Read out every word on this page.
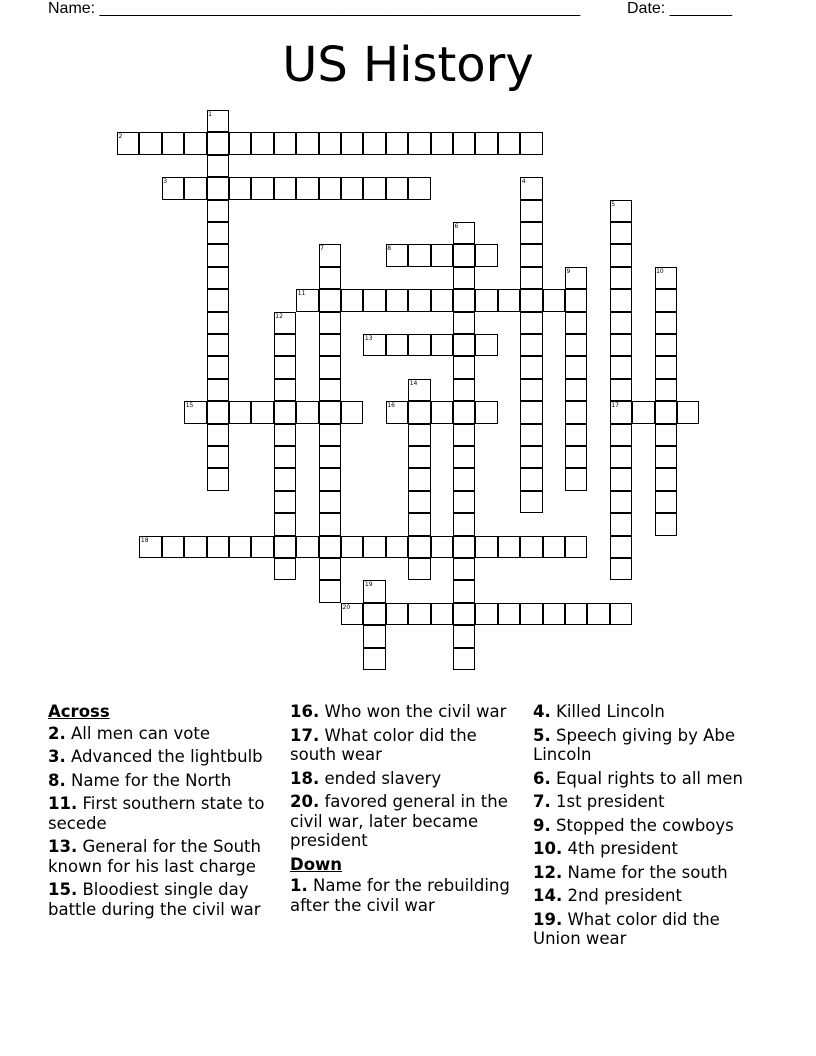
Name: ______________________________________________________	Date: _______
US History
1
2
3	4
5
6
7	8
9	10
11
12
13
14
15	16	17
18
19
20
Across
2. All men can vote
3. Advanced the lightbulb
8. Name for the North
11. First southern state to secede
13. General for the South known for his last charge
15. Bloodiest single day battle during the civil war
16. Who won the civil war
17. What color did the south wear
18. ended slavery
20. favored general in the civil war, later became president
Down
1. Name for the rebuilding after the civil war
4. Killed Lincoln
5. Speech giving by Abe Lincoln
6. Equal rights to all men
7. 1st president
9. Stopped the cowboys
10. 4th president
12. Name for the south
14. 2nd president
19. What color did the Union wear
